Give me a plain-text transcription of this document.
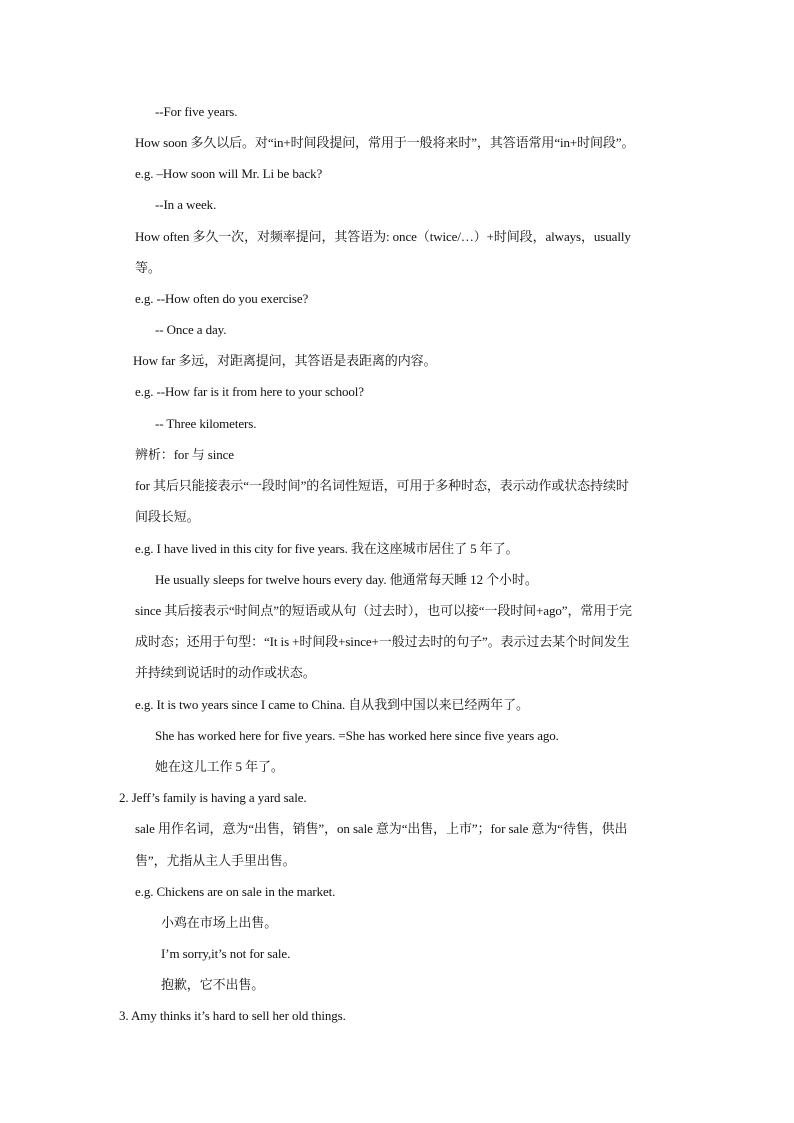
--For five years.
How soon 多久以后。对“in+时间段提问，常用于一般将来时”，其答语常用“in+时间段”。
e.g. –How soon will Mr. Li be back?
--In a week.
How often 多久一次，对频率提问，其答语为: once（twice/…）+时间段，always，usually
等。
e.g. --How often do you exercise?
-- Once a day.
How far 多远，对距离提问，其答语是表距离的内容。
e.g. --How far is it from here to your school?
-- Three kilometers.
辨析：for 与 since
for 其后只能接表示“一段时间”的名词性短语，可用于多种时态，表示动作或状态持续时
间段长短。
e.g. I have lived in this city for five years. 我在这座城市居住了 5 年了。
He usually sleeps for twelve hours every day. 他通常每天睡 12 个小时。
since 其后接表示“时间点”的短语或从句（过去时），也可以接“一段时间+ago”，常用于完
成时态；还用于句型：“It is +时间段+since+一般过去时的句子”。表示过去某个时间发生
并持续到说话时的动作或状态。
e.g. It is two years since I came to China. 自从我到中国以来已经两年了。
She has worked here for five years. =She has worked here since five years ago.
她在这儿工作 5 年了。
2. Jeff’s family is having a yard sale.
sale 用作名词，意为“出售，销售”，on sale 意为“出售，上市”；for sale 意为“待售，供出
售”，尤指从主人手里出售。
e.g. Chickens are on sale in the market.
小鸡在市场上出售。
I’m sorry,it’s not for sale.
抱歉，它不出售。
3. Amy thinks it’s hard to sell her old things.
